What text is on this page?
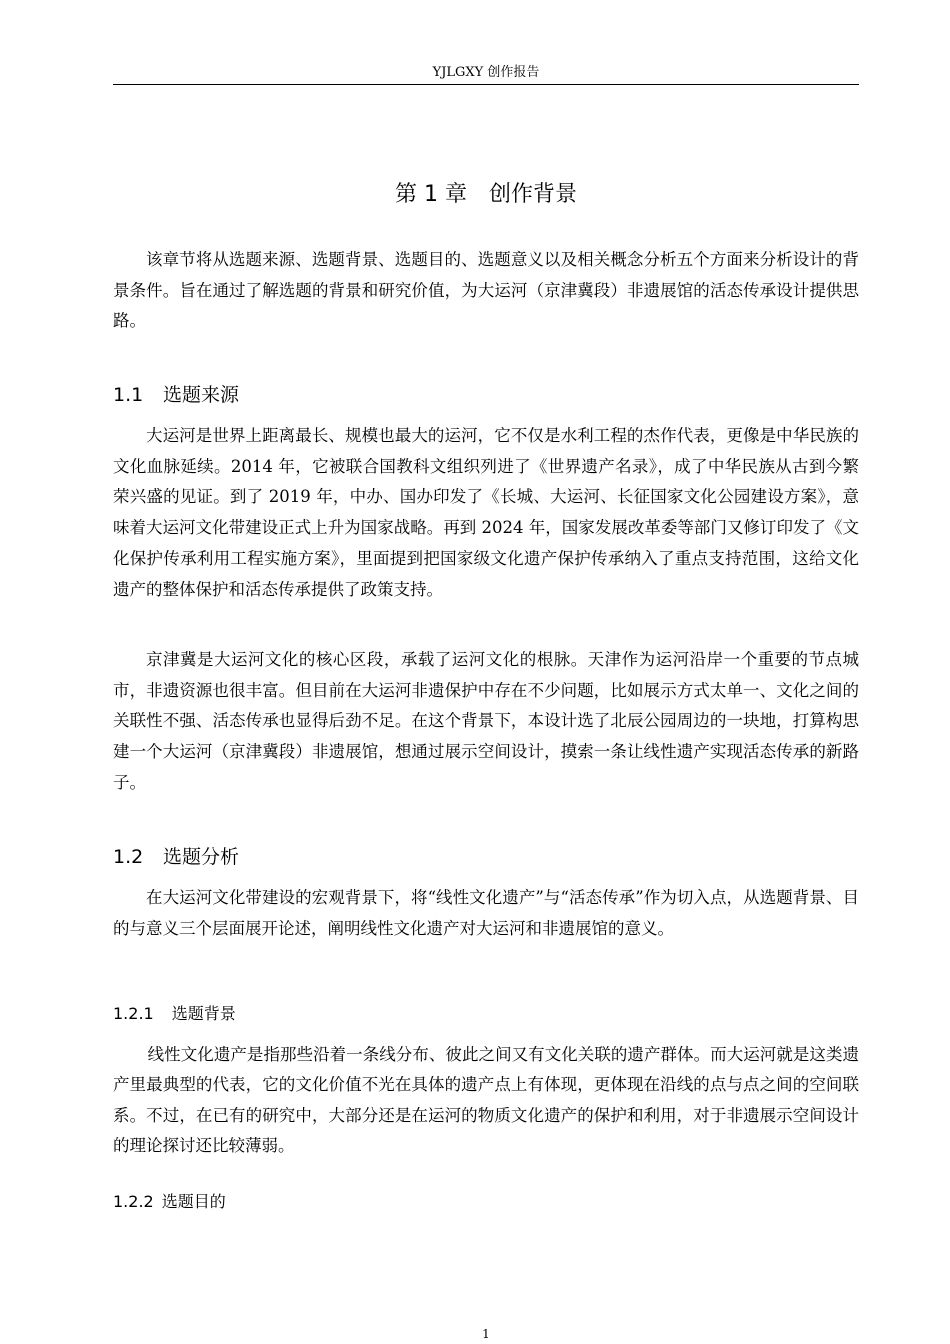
YJLGXY 创作报告
第 1 章 创作背景

该章节将从选题来源、选题背景、选题目的、选题意义以及相关概念分析五个方面来分析设计的背景条件。旨在通过了解选题的背景和研究价值，为大运河（京津冀段）非遗展馆的活态传承设计提供思路。

1.1 选题来源

大运河是世界上距离最长、规模也最大的运河，它不仅是水利工程的杰作代表，更像是中华民族的文化血脉延续。2014 年，它被联合国教科文组织列进了《世界遗产名录》，成了中华民族从古到今繁荣兴盛的见证。到了 2019 年，中办、国办印发了《长城、大运河、长征国家文化公园建设方案》，意味着大运河文化带建设正式上升为国家战略。再到 2024 年，国家发展改革委等部门又修订印发了《文化保护传承利用工程实施方案》，里面提到把国家级文化遗产保护传承纳入了重点支持范围，这给文化遗产的整体保护和活态传承提供了政策支持。

京津冀是大运河文化的核心区段，承载了运河文化的根脉。天津作为运河沿岸一个重要的节点城市，非遗资源也很丰富。但目前在大运河非遗保护中存在不少问题，比如展示方式太单一、文化之间的关联性不强、活态传承也显得后劲不足。在这个背景下，本设计选了北辰公园周边的一块地，打算构思建一个大运河（京津冀段）非遗展馆，想通过展示空间设计，摸索一条让线性遗产实现活态传承的新路子。

1.2 选题分析

在大运河文化带建设的宏观背景下，将“线性文化遗产”与“活态传承”作为切入点，从选题背景、目的与意义三个层面展开论述，阐明线性文化遗产对大运河和非遗展馆的意义。

1.2.1 选题背景

线性文化遗产是指那些沿着一条线分布、彼此之间又有文化关联的遗产群体。而大运河就是这类遗产里最典型的代表，它的文化价值不光在具体的遗产点上有体现，更体现在沿线的点与点之间的空间联系。不过，在已有的研究中，大部分还是在运河的物质文化遗产的保护和利用，对于非遗展示空间设计的理论探讨还比较薄弱。

1.2.2 选题目的
1
